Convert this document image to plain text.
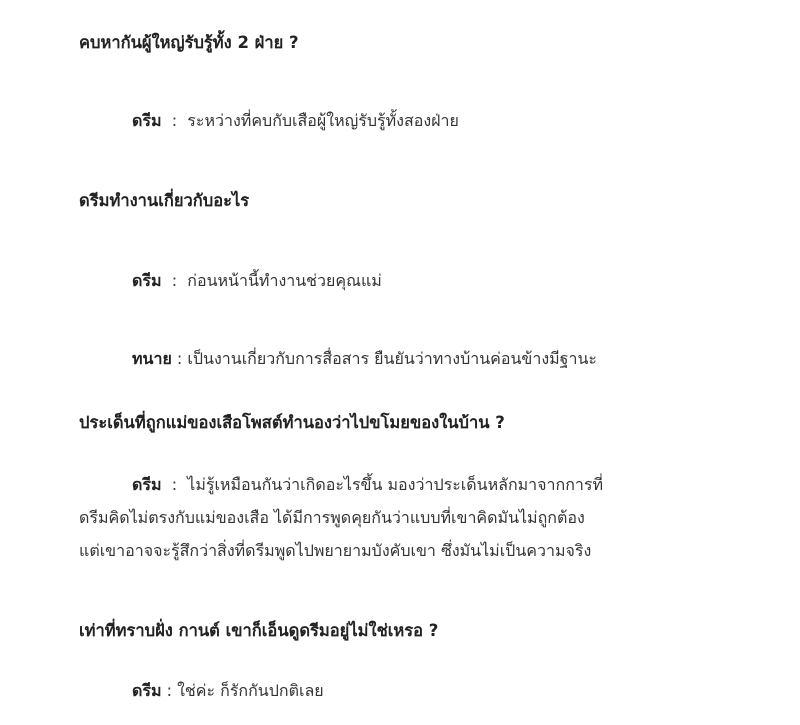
คบหากันผู้ใหญ่รับรู้ทั้ง 2 ฝ่าย ?
ดรีม  :  ระหว่างที่คบกับเสือผู้ใหญ่รับรู้ทั้งสองฝ่าย
ดรีมทำงานเกี่ยวกับอะไร
ดรีม  :  ก่อนหน้านี้ทำงานช่วยคุณแม่
ทนาย : เป็นงานเกี่ยวกับการสื่อสาร ยืนยันว่าทางบ้านค่อนข้างมีฐานะ
ประเด็นที่ถูกแม่ของเสือโพสต์ทำนองว่าไปขโมยของในบ้าน ?
ดรีม  :  ไม่รู้เหมือนกันว่าเกิดอะไรขึ้น มองว่าประเด็นหลักมาจากการที่
ดรีมคิดไม่ตรงกับแม่ของเสือ ได้มีการพูดคุยกันว่าแบบที่เขาคิดมันไม่ถูกต้อง
แต่เขาอาจจะรู้สึกว่าสิ่งที่ดรีมพูดไปพยายามบังคับเขา ซึ่งมันไม่เป็นความจริง
เท่าที่ทราบฝั่ง กานต์ เขาก็เอ็นดูดรีมอยู่ไม่ใช่เหรอ ?
ดรีม : ใช่ค่ะ ก็รักกันปกติเลย
